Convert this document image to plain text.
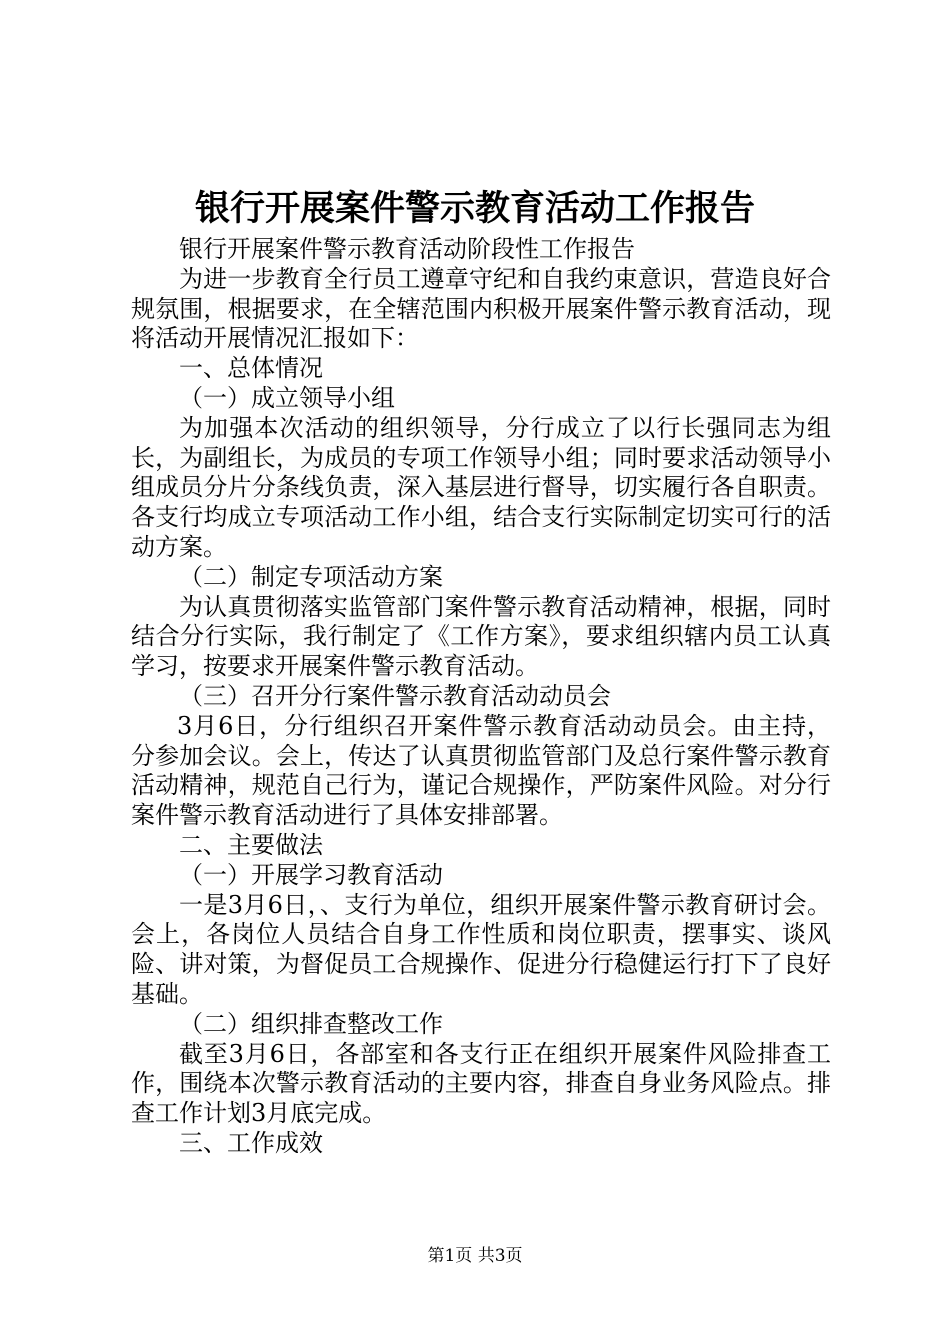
银行开展案件警示教育活动工作报告

银行开展案件警示教育活动阶段性工作报告

为进一步教育全行员工遵章守纪和自我约束意识，营造良好合规氛围，根据要求，在全辖范围内积极开展案件警示教育活动，现将活动开展情况汇报如下：

一、总体情况

（一）成立领导小组

为加强本次活动的组织领导，分行成立了以行长强同志为组长，为副组长，为成员的专项工作领导小组；同时要求活动领导小组成员分片分条线负责，深入基层进行督导，切实履行各自职责。各支行均成立专项活动工作小组，结合支行实际制定切实可行的活动方案。

（二）制定专项活动方案

为认真贯彻落实监管部门案件警示教育活动精神，根据，同时结合分行实际，我行制定了《工作方案》，要求组织辖内员工认真学习，按要求开展案件警示教育活动。

（三）召开分行案件警示教育活动动员会

3月6日，分行组织召开案件警示教育活动动员会。由主持，分参加会议。会上，传达了认真贯彻监管部门及总行案件警示教育活动精神，规范自己行为，谨记合规操作，严防案件风险。对分行案件警示教育活动进行了具体安排部署。

二、主要做法

（一）开展学习教育活动

一是3月6日，、支行为单位，组织开展案件警示教育研讨会。会上，各岗位人员结合自身工作性质和岗位职责，摆事实、谈风险、讲对策，为督促员工合规操作、促进分行稳健运行打下了良好基础。

（二）组织排查整改工作

截至3月6日，各部室和各支行正在组织开展案件风险排查工作，围绕本次警示教育活动的主要内容，排查自身业务风险点。排查工作计划3月底完成。

三、工作成效

第1页 共3页
